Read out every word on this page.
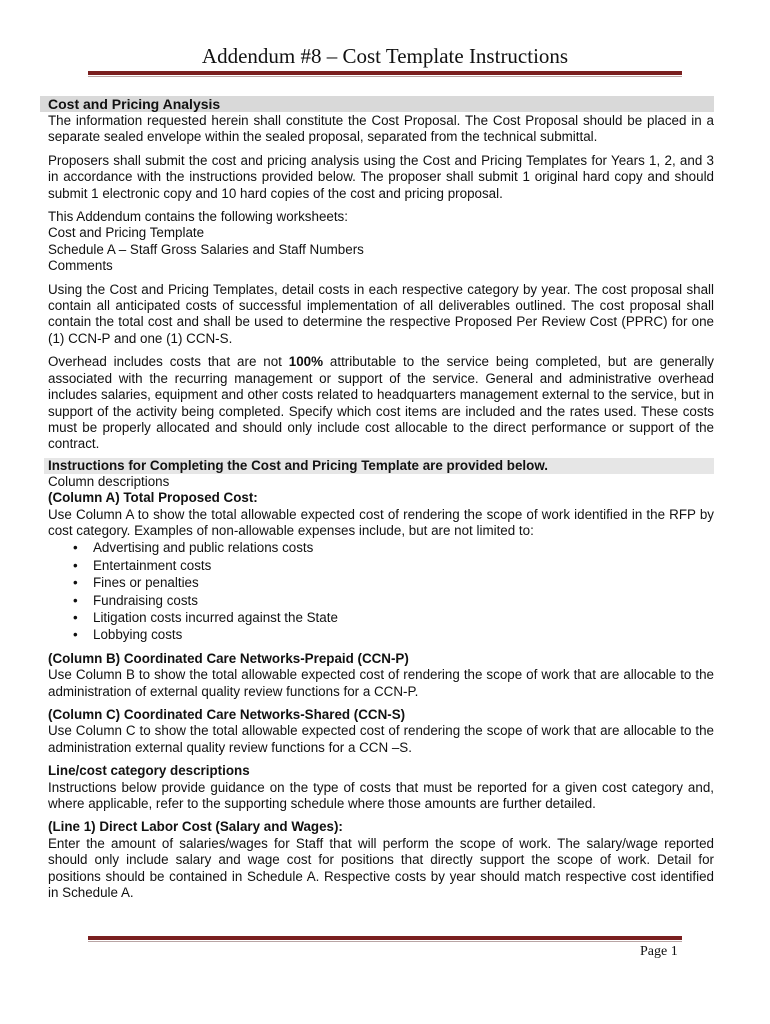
Addendum #8 – Cost Template Instructions
Cost and Pricing Analysis

The information requested herein shall constitute the Cost Proposal. The Cost Proposal should be placed in a separate sealed envelope within the sealed proposal, separated from the technical submittal.

Proposers shall submit the cost and pricing analysis using the Cost and Pricing Templates for Years 1, 2, and 3 in accordance with the instructions provided below. The proposer shall submit 1 original hard copy and should submit 1 electronic copy and 10 hard copies of the cost and pricing proposal.

This Addendum contains the following worksheets:
Cost and Pricing Template
Schedule A – Staff Gross Salaries and Staff Numbers
Comments

Using the Cost and Pricing Templates, detail costs in each respective category by year. The cost proposal shall contain all anticipated costs of successful implementation of all deliverables outlined. The cost proposal shall contain the total cost and shall be used to determine the respective Proposed Per Review Cost (PPRC) for one (1) CCN-P and one (1) CCN-S.

Overhead includes costs that are not 100% attributable to the service being completed, but are generally associated with the recurring management or support of the service. General and administrative overhead includes salaries, equipment and other costs related to headquarters management external to the service, but in support of the activity being completed. Specify which cost items are included and the rates used. These costs must be properly allocated and should only include cost allocable to the direct performance or support of the contract.

Instructions for Completing the Cost and Pricing Template are provided below.
Column descriptions
(Column A) Total Proposed Cost:

Use Column A to show the total allowable expected cost of rendering the scope of work identified in the RFP by cost category. Examples of non-allowable expenses include, but are not limited to:

• Advertising and public relations costs
• Entertainment costs
• Fines or penalties
• Fundraising costs
• Litigation costs incurred against the State
• Lobbying costs
(Column B) Coordinated Care Networks-Prepaid (CCN-P)

Use Column B to show the total allowable expected cost of rendering the scope of work that are allocable to the administration of external quality review functions for a CCN-P.

(Column C) Coordinated Care Networks-Shared (CCN-S)

Use Column C to show the total allowable expected cost of rendering the scope of work that are allocable to the administration external quality review functions for a CCN –S.

Line/cost category descriptions

Instructions below provide guidance on the type of costs that must be reported for a given cost category and, where applicable, refer to the supporting schedule where those amounts are further detailed.

(Line 1) Direct Labor Cost (Salary and Wages):

Enter the amount of salaries/wages for Staff that will perform the scope of work. The salary/wage reported should only include salary and wage cost for positions that directly support the scope of work. Detail for positions should be contained in Schedule A. Respective costs by year should match respective cost identified in Schedule A.

Page 1
